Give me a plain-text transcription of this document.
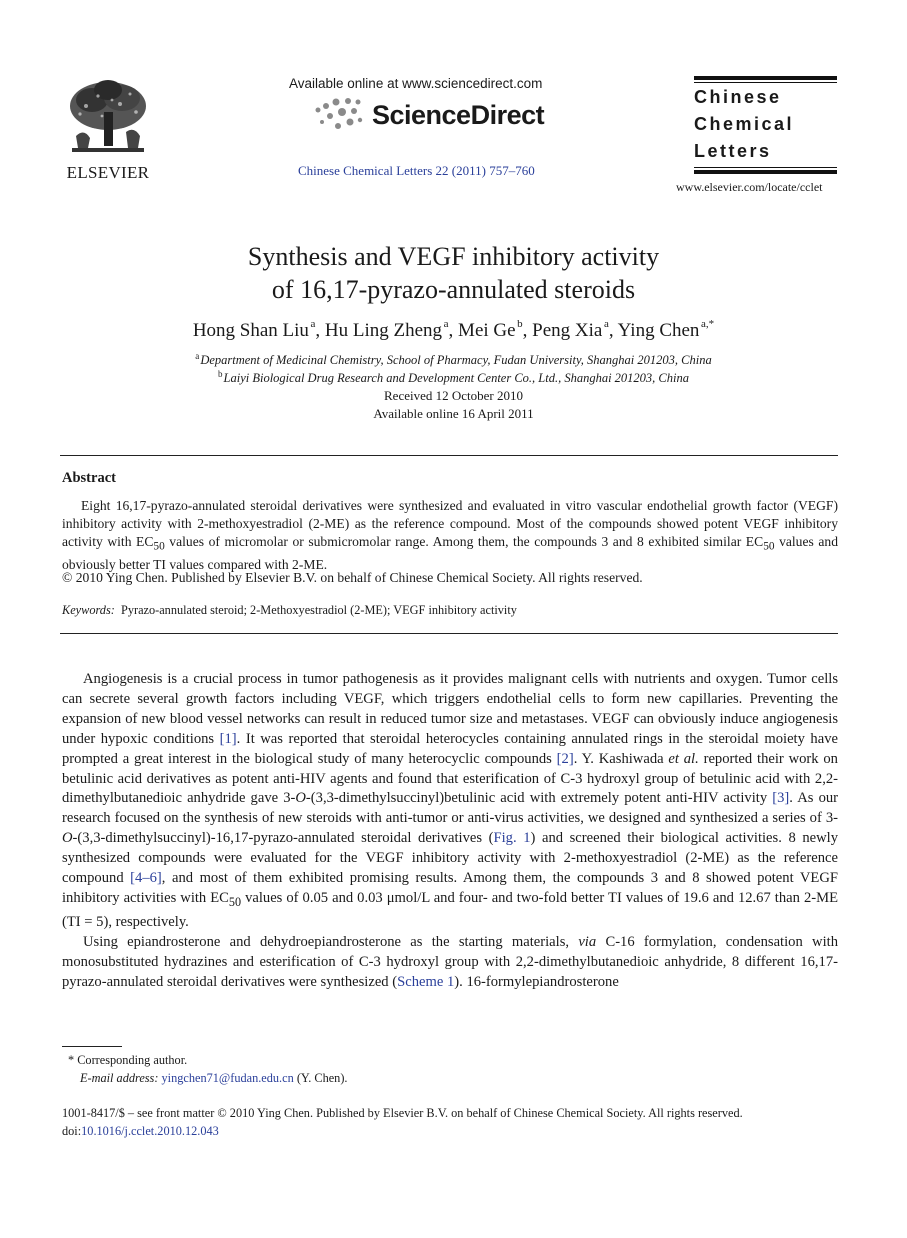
ELSEVIER
Available online at www.sciencedirect.com
ScienceDirect
Chinese Chemical Letters 22 (2011) 757–760
Chinese
Chemical
Letters
www.elsevier.com/locate/cclet
Synthesis and VEGF inhibitory activity
of 16,17-pyrazo-annulated steroids
Hong Shan Liu  $^a$, Hu Ling Zheng  $^a$, Mei Ge  $^b$, Peng Xia  $^a$, Ying Chen  $^{a,*}$
$^a$ Department of Medicinal Chemistry, School of Pharmacy, Fudan University, Shanghai 201203, China
$^b$ Laiyi Biological Drug Research and Development Center Co., Ltd., Shanghai 201203, China
Received 12 October 2010
Available online 16 April 2011
Abstract

Eight 16,17-pyrazo-annulated steroidal derivatives were synthesized and evaluated in vitro vascular endothelial growth factor (VEGF) inhibitory activity with 2-methoxyestradiol (2-ME) as the reference compound. Most of the compounds showed potent VEGF inhibitory activity with $EC_{50}$ values of micromolar or submicromolar range. Among them, the compounds 3 and 8 exhibited similar $EC_{50}$ values and obviously better TI values compared with 2-ME.

© 2010 Ying Chen. Published by Elsevier B.V. on behalf of Chinese Chemical Society. All rights reserved.
Keywords: Pyrazo-annulated steroid; 2-Methoxyestradiol (2-ME); VEGF inhibitory activity

Angiogenesis is a crucial process in tumor pathogenesis as it provides malignant cells with nutrients and oxygen. Tumor cells can secrete several growth factors including VEGF, which triggers endothelial cells to form new capillaries. Preventing the expansion of new blood vessel networks can result in reduced tumor size and metastases. VEGF can obviously induce angiogenesis under hypoxic conditions [1]. It was reported that steroidal heterocycles containing annulated rings in the steroidal moiety have prompted a great interest in the biological study of many heterocyclic compounds [2]. Y. Kashiwada et al. reported their work on betulinic acid derivatives as potent anti-HIV agents and found that esterification of C-3 hydroxyl group of betulinic acid with 2,2-dimethylbutanedioic anhydride gave 3-O-(3,3-dimethylsuccinyl)betulinic acid with extremely potent anti-HIV activity [3]. As our research focused on the synthesis of new steroids with anti-tumor or anti-virus activities, we designed and synthesized a series of 3-O-(3,3-dimethylsuccinyl)-16,17-pyrazo-annulated steroidal derivatives (Fig. 1) and screened their biological activities. 8 newly synthesized compounds were evaluated for the VEGF inhibitory activity with 2-methoxyestradiol (2-ME) as the reference compound [4–6], and most of them exhibited promising results. Among them, the compounds 3 and 8 showed potent VEGF inhibitory activities with $EC_{50}$ values of 0.05 and 0.03 μmol/L and four- and two-fold better TI values of 19.6 and 12.67 than 2-ME (TI = 5), respectively.

Using epiandrosterone and dehydroepiandrosterone as the starting materials, via C-16 formylation, condensation with monosubstituted hydrazines and esterification of C-3 hydroxyl group with 2,2-dimethylbutanedioic anhydride, 8 different 16,17-pyrazo-annulated steroidal derivatives were synthesized (Scheme 1). 16-formylepiandrosterone

* Corresponding author.
E-mail address: yingchen71@fudan.edu.cn (Y. Chen).
1001-8417/$ – see front matter © 2010 Ying Chen. Published by Elsevier B.V. on behalf of Chinese Chemical Society. All rights reserved.
doi:10.1016/j.cclet.2010.12.043
